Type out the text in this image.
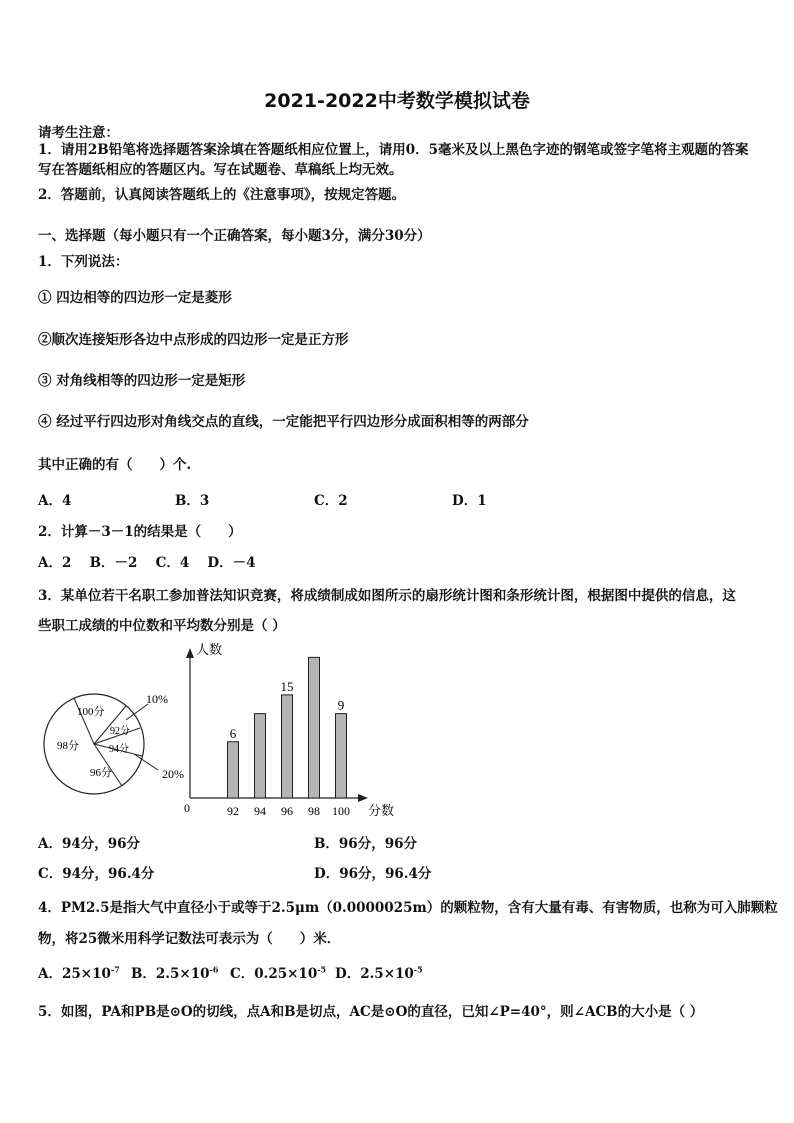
2021-2022中考数学模拟试卷
请考生注意：
1．请用2B铅笔将选择题答案涂填在答题纸相应位置上，请用0．5毫米及以上黑色字迹的钢笔或签字笔将主观题的答案写在答题纸相应的答题区内。写在试题卷、草稿纸上均无效。
2．答题前，认真阅读答题纸上的《注意事项》，按规定答题。
一、选择题（每小题只有一个正确答案，每小题3分，满分30分）
1．下列说法：
① 四边相等的四边形一定是菱形
②顺次连接矩形各边中点形成的四边形一定是正方形
③ 对角线相等的四边形一定是矩形
④ 经过平行四边形对角线交点的直线，一定能把平行四边形分成面积相等的两部分
其中正确的有（　　）个.
A．4	B．3	C．2	D．1
2．计算－3－1的结果是（　　）
A．2　 B．－2　 C．4　 D．－4
3．某单位若干名职工参加普法知识竞赛，将成绩制成如图所示的扇形统计图和条形统计图，根据图中提供的信息，这
些职工成绩的中位数和平均数分别是（ ）
100分
98分
96分
94分
92分
10%
20%
人数
分数
0	92
6
94 96
15
98 100
9
A．94分，96分	B．96分，96分
C．94分，96.4分	D．96分，96.4分
4．PM2.5是指大气中直径小于或等于2.5μm（0.0000025m）的颗粒物，含有大量有毒、有害物质，也称为可入肺颗粒
物，将25微米用科学记数法可表示为（　　）米．
A．$25\times 10^{-7}$ B．$2.5\times 10^{-6}$ C．$0.25\times 10^{-5}$ D．$2.5\times 10^{-5}$
5．如图，PA和PB是⊙O的切线，点A和B是切点，AC是⊙O的直径，已知∠P=40°，则∠ACB的大小是（ ）
